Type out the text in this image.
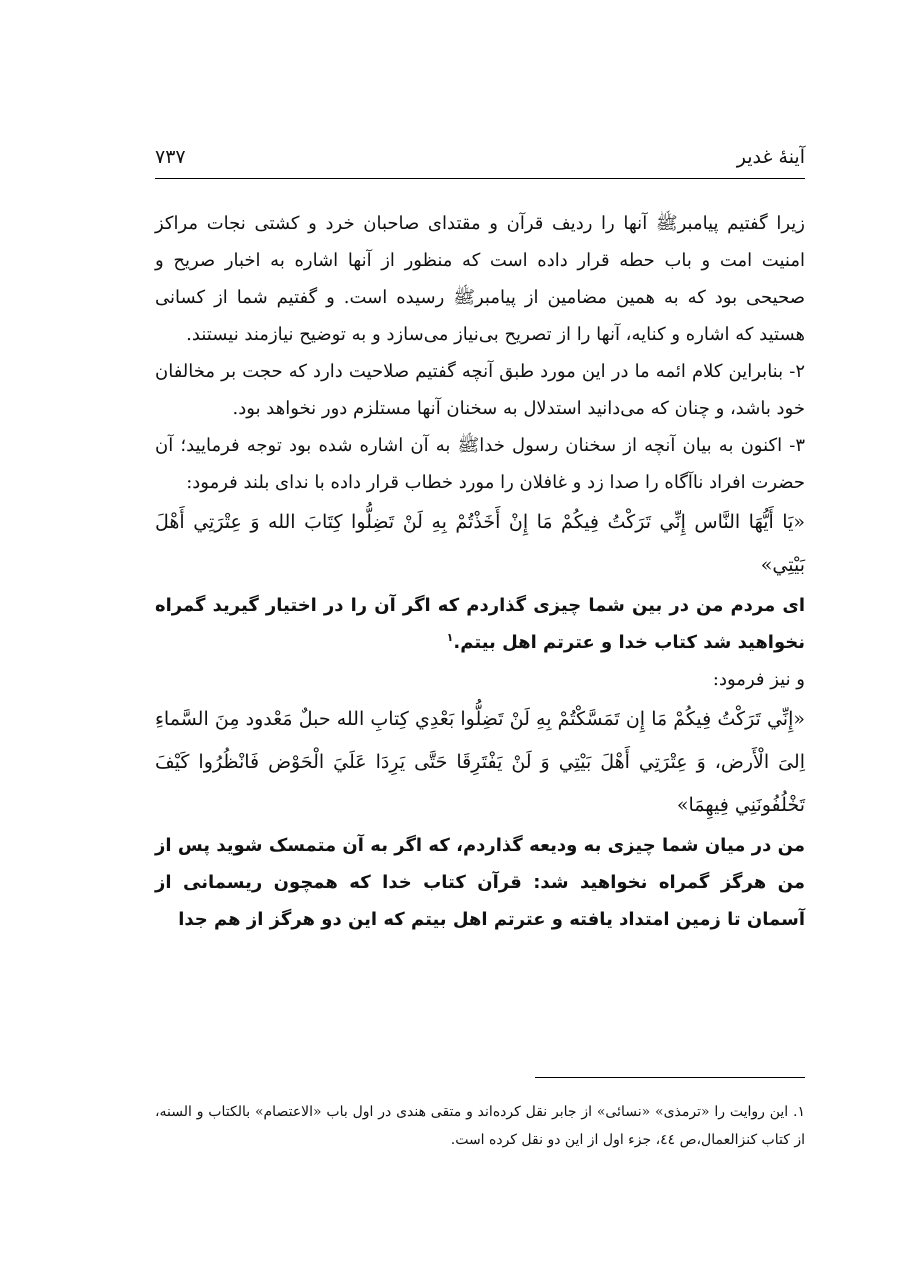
آینهٔ غدیر
۷۳۷

زیرا گفتیم پیامبرﷺ آنها را ردیف قرآن و مقتدای صاحبان خرد و کشتی نجات مراکز امنیت امت و باب حطه قرار داده است که منظور از آنها اشاره به اخبار صریح و صحیحی بود که به همین مضامین از پیامبرﷺ رسیده است. و گفتیم شما از کسانی هستید که اشاره و کنایه، آنها را از تصریح بی‌نیاز می‌سازد و به توضیح نیازمند نیستند.

۲- بنابراین کلام ائمه ما در این مورد طبق آنچه گفتیم صلاحیت دارد که حجت بر مخالفان خود باشد، و چنان که می‌دانید استدلال به سخنان آنها مستلزم دور نخواهد بود.

۳- اکنون به بیان آنچه از سخنان رسول خداﷺ به آن اشاره شده بود توجه فرمایید؛ آن حضرت افراد ناآگاه را صدا زد و غافلان را مورد خطاب قرار داده با ندای بلند فرمود:

«یَا أَیُّهَا النَّاس إِنِّي تَرَکْتُ فِیکُمْ مَا إِنْ أَخَذْتُمْ بِهِ لَنْ تَضِلُّوا کِتَابَ الله وَ عِتْرَتِي أَهْلَ بَیْتِي»

ای مردم من در بین شما چیزی گذاردم که اگر آن را در اختیار گیرید گمراه نخواهید شد کتاب خدا و عترتم اهل بیتم.$^۱$

و نیز فرمود:

«إِنِّي تَرَکْتُ فِیکُمْ مَا إِن تَمَسَّکْتُمْ بِهِ لَنْ تَضِلُّوا بَعْدِي کِتابِ الله حبلٌ مَعْدود مِنَ السَّماءِ اِلیَ الْأَرض، وَ عِتْرَتِي أَهْلَ بَیْتِي وَ لَنْ یَفْتَرِقَا حَتَّی یَرِدَا عَلَيَ الْحَوْض فَانْظُرُوا کَیْفَ تَخْلُفُونَنِي فِیهِمَا»

من در میان شما چیزی به ودیعه گذاردم، که اگر به آن متمسک شوید پس از من هرگز گمراه نخواهید شد: قرآن کتاب خدا که همچون ریسمانی از آسمان تا زمین امتداد یافته و عترتم اهل بیتم که این دو هرگز از هم جدا

۱. این روایت را «ترمذی» «نسائی» از جابر نقل کرده‌اند و متقی هندی در اول باب «الاعتصام» بالکتاب و السنه، از کتاب کنزالعمال،ص ٤٤، جزء اول از این دو نقل کرده است.
